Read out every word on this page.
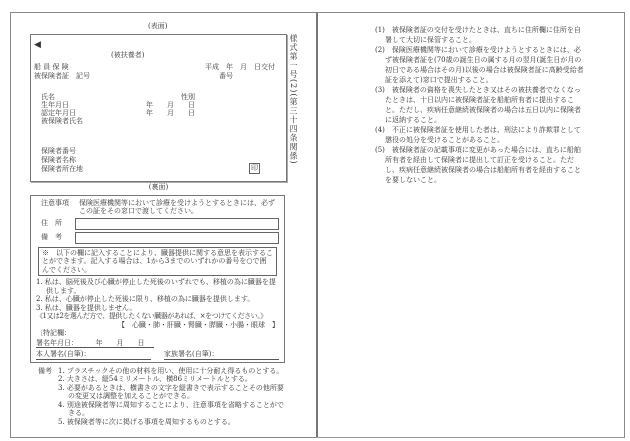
(表面)
◀
(被扶養者)
船 員 保 険
被保険者証　記号
平成　年　月　日交付
番号
氏名	性別
生年月日	年　　月　　日
認定年月日	年　　月　　日
被保険者氏名
保険者番号
保険者名称
保険者所在地	印
様式第一号(2)(第三十四条関係)
(裏面)
注意事項	保険医療機関等において診療を受けようとするときには、必ずこの証をその窓口で渡してください。
住　所
備　考
※　以下の欄に記入することにより、臓器提供に関する意思を表示することができます。記入する場合は、1から3までのいずれかの番号を○で囲んでください。
1. 私は、脳死後及び心臓が停止した死後のいずれでも、移植の為に臓器を提供します。
2. 私は、心臓が停止した死後に限り、移植の為に臓器を提供します。
3. 私は、臓器を提供しません。
《1又は2を選んだ方で、提供したくない臓器があれば、×をつけてください。》
【　心臓・肺・肝臓・腎臓・膵臓・小腸・眼球　】
〔特記欄：
署名年月日：　　　年　　月　　日
本人署名(自筆)：	家族署名(自筆)：
備考 1. プラスチックその他の材料を用い、使用に十分耐え得るものとする。
2. 大きさは、縦54ミリメートル、横86ミリメートルとする。
3. 必要があるときは、横書きの文字を縦書きで表示することその他所要の変更又は調整を加えることができる。
4. 別途被保険者等に周知することにより、注意事項を省略することができる。
5. 被保険者等に次に掲げる事項を周知するものとする。
(1)　被保険者証の交付を受けたときは、直ちに住所欄に住所を自署して大切に保管すること。
(2)　保険医療機関等において診療を受けようとするときには、必ず被保険者証を(70歳の誕生日の属する月の翌月(誕生日が月の初日である場合はその月)以後の場合は被保険者証に高齢受給者証を添えて)窓口で提出すること。
(3)　被保険者の資格を喪失したとき又はその被扶養者でなくなったときは、十日以内に被保険者証を船舶所有者に提出すること。ただし、疾病任意継続被保険者の場合は五日以内に保険者に返納すること。
(4)　不正に被保険者証を使用した者は、刑法により詐欺罪として懲役の処分を受けることがあること。
(5)　被保険者証の記載事項に変更があった場合には、直ちに船舶所有者を経由して保険者に提出して訂正を受けること。ただし、疾病任意継続被保険者の場合は船舶所有者を経由することを要しないこと。
